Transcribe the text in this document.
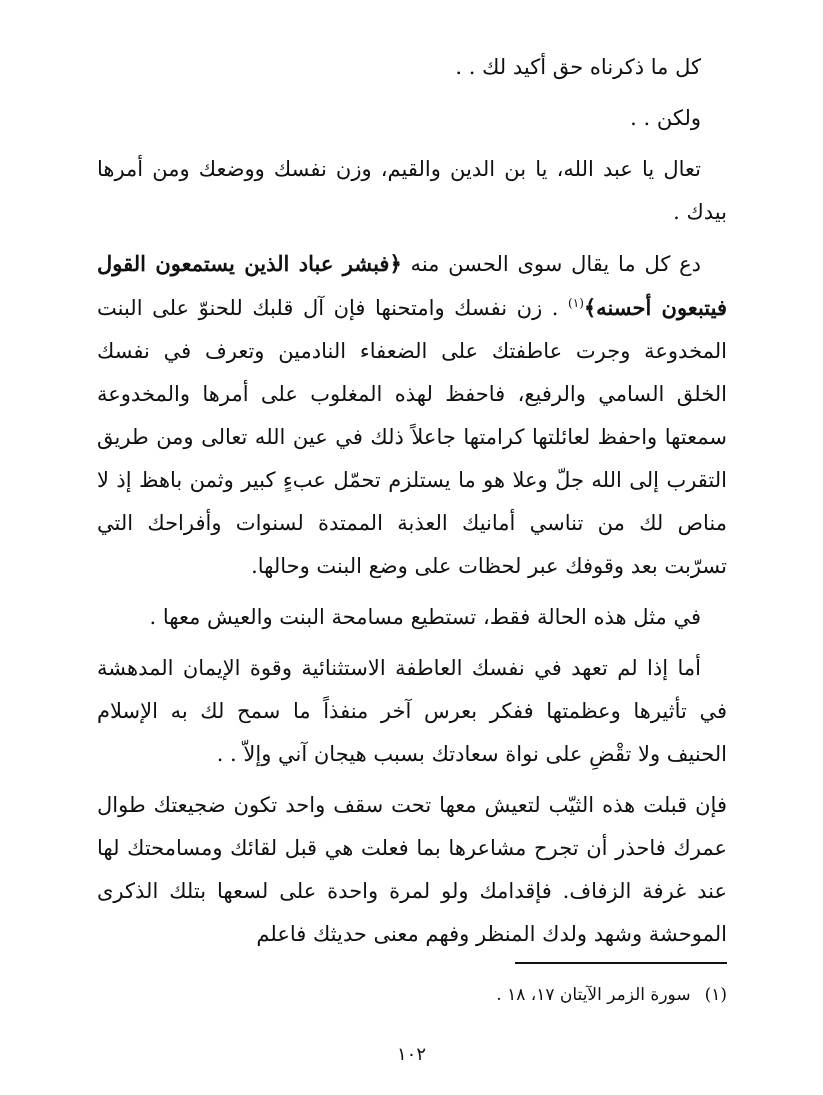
كل ما ذكرناه حق أكيد لك . .

ولكن . .

تعال يا عبد الله، يا بن الدين والقيم، وزن نفسك ووضعك ومن أمرها بيدك .

دع كل ما يقال سوى الحسن منه ﴿فبشر عباد الذين يستمعون القول فيتبعون أحسنه﴾$^{(١)}$ . زن نفسك وامتحنها فإن آل قلبك للحنوّ على البنت المخدوعة وجرت عاطفتك على الضعفاء النادمين وتعرف في نفسك الخلق السامي والرفيع، فاحفظ لهذه المغلوب على أمرها والمخدوعة سمعتها واحفظ لعائلتها كرامتها جاعلاً ذلك في عين الله تعالى ومن طريق التقرب إلى الله جلّ وعلا هو ما يستلزم تحمّل عبءٍ كبير وثمن باهظ إذ لا مناص لك من تناسي أمانيك العذبة الممتدة لسنوات وأفراحك التي تسرّبت بعد وقوفك عبر لحظات على وضع البنت وحالها.

في مثل هذه الحالة فقط، تستطيع مسامحة البنت والعيش معها .

أما إذا لم تعهد في نفسك العاطفة الاستثنائية وقوة الإيمان المدهشة في تأثيرها وعظمتها ففكر بعرس آخر منفذاً ما سمح لك به الإسلام الحنيف ولا تقْضِ على نواة سعادتك بسبب هيجان آني وإلاّ . .

فإن قبلت هذه الثيّب لتعيش معها تحت سقف واحد تكون ضجيعتك طوال عمرك فاحذر أن تجرح مشاعرها بما فعلت هي قبل لقائك ومسامحتك لها عند غرفة الزفاف. فإقدامك ولو لمرة واحدة على لسعها بتلك الذكرى الموحشة وشهد ولدك المنظر وفهم معنى حديثك فاعلم

(١)سورة الزمر الآيتان ١٧، ١٨ .
١٠٢
